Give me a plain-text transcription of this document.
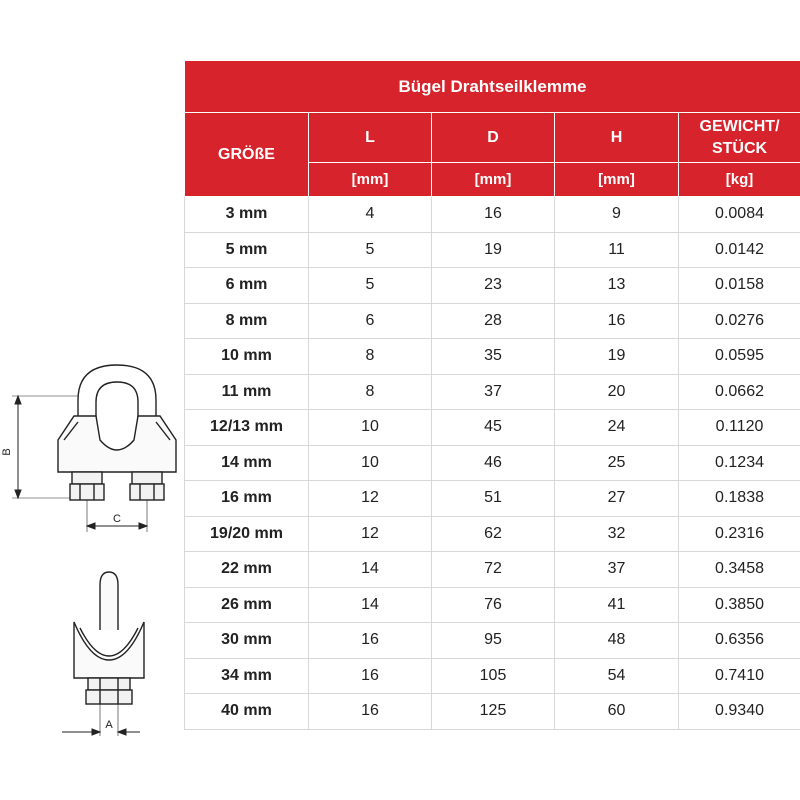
B
C
A
Bügel Drahtseilklemme				
GRÖßE	L	D	H	GEWICHT/
STÜCK
	[mm]	[mm]	[mm]	[kg]
3 mm	4	16	9	0.0084
5 mm	5	19	11	0.0142
6 mm	5	23	13	0.0158
8 mm	6	28	16	0.0276
10 mm	8	35	19	0.0595
11 mm	8	37	20	0.0662
12/13 mm	10	45	24	0.1120
14 mm	10	46	25	0.1234
16 mm	12	51	27	0.1838
19/20 mm	12	62	32	0.2316
22 mm	14	72	37	0.3458
26 mm	14	76	41	0.3850
30 mm	16	95	48	0.6356
34 mm	16	105	54	0.7410
40 mm	16	125	60	0.9340
